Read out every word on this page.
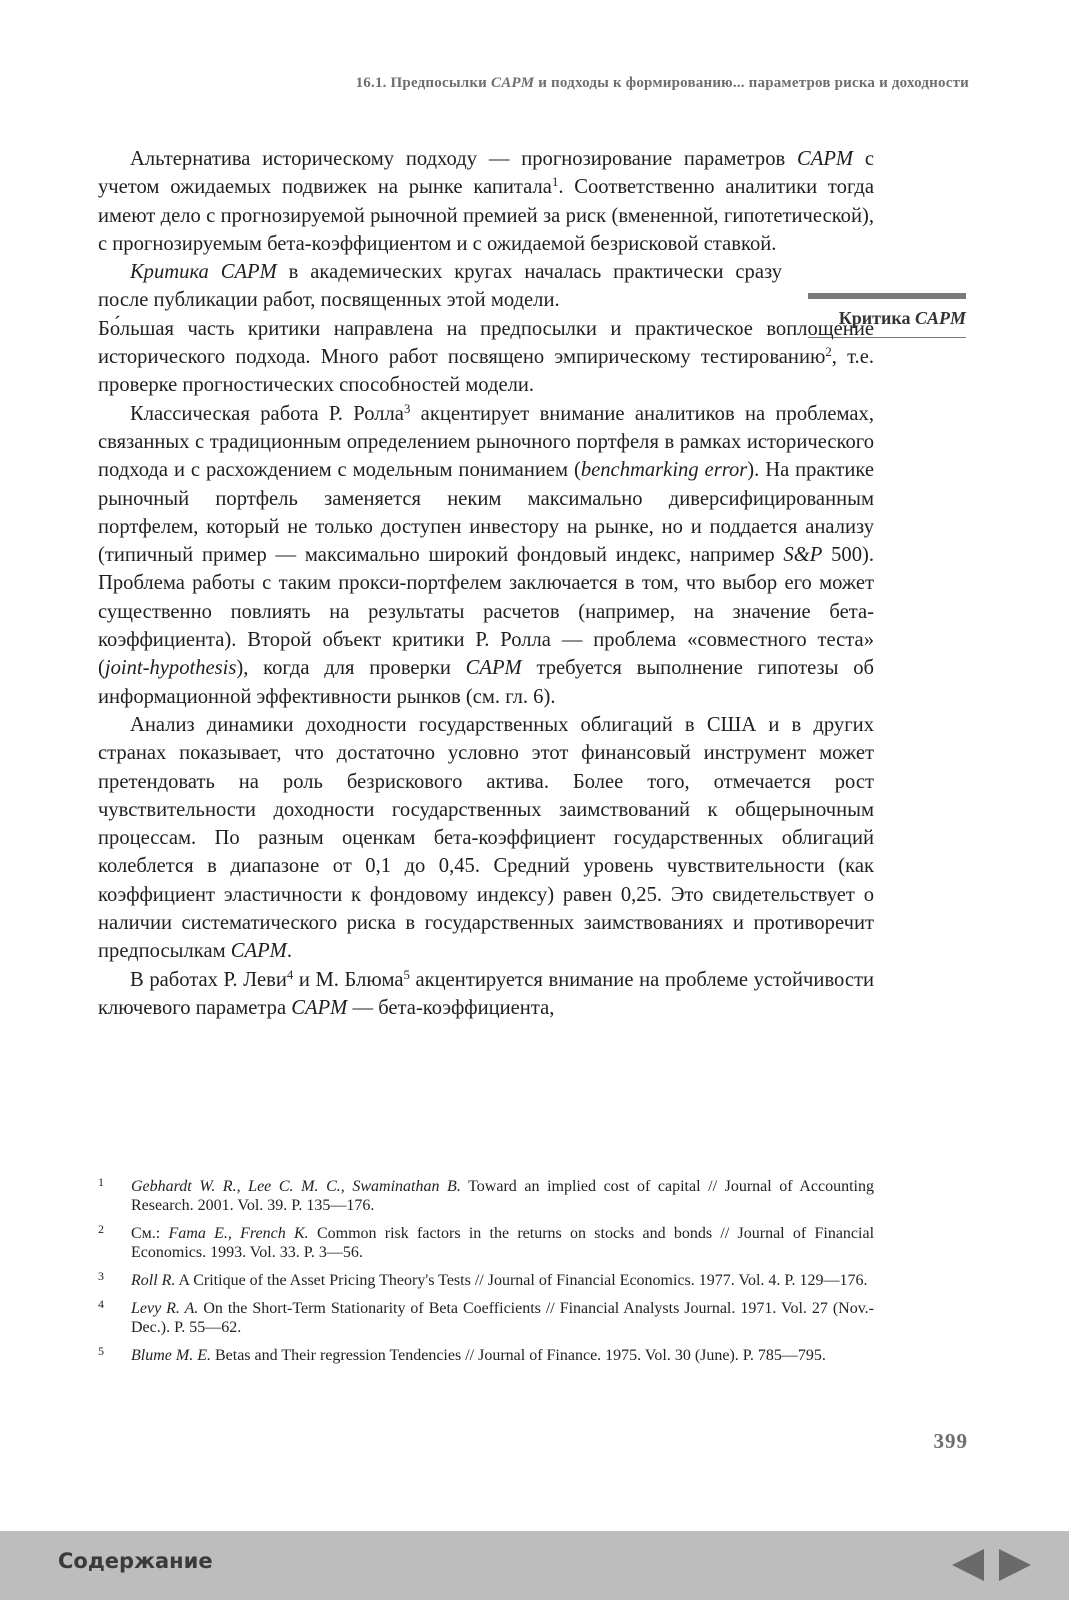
16.1. Предпосылки CAPM и подходы к формированию... параметров риска и доходности
Критика CAPM

Альтернатива историческому подходу — прогнозирование параметров CAPM с учетом ожидаемых подвижек на рынке капитала$^1$. Соответственно аналитики тогда имеют дело с прогнозируемой рыночной премией за риск (вмененной, гипотетической), с прогнозируемым бета-коэффициентом и с ожидаемой безрисковой ставкой.

Критика CAPM в академических кругах началась практически сразу после публикации работ, посвященных этой модели.

Бо́льшая часть критики направлена на предпосылки и практическое воплощение исторического подхода. Много работ посвящено эмпирическому тестированию$^2$, т.е. проверке прогностических способностей модели.

Классическая работа Р. Ролла$^3$ акцентирует внимание аналитиков на проблемах, связанных с традиционным определением рыночного портфеля в рамках исторического подхода и с расхождением с модельным пониманием (benchmarking error). На практике рыночный портфель заменяется неким максимально диверсифицированным портфелем, который не только доступен инвестору на рынке, но и поддается анализу (типичный пример — максимально широкий фондовый индекс, например S&P 500). Проблема работы с таким прокси-портфелем заключается в том, что выбор его может существенно повлиять на результаты расчетов (например, на значение бета-коэффициента). Второй объект критики Р. Ролла — проблема «совместного теста» (joint-hypothesis), когда для проверки CAPM требуется выполнение гипотезы об информационной эффективности рынков (см. гл. 6).

Анализ динамики доходности государственных облигаций в США и в других странах показывает, что достаточно условно этот финансовый инструмент может претендовать на роль безрискового актива. Более того, отмечается рост чувствительности доходности государственных заимствований к общерыночным процессам. По разным оценкам бета-коэффициент государственных облигаций колеблется в диапазоне от 0,1 до 0,45. Средний уровень чувствительности (как коэффициент эластичности к фондовому индексу) равен 0,25. Это свидетельствует о наличии систематического риска в государственных заимствованиях и противоречит предпосылкам CAPM.

В работах Р. Леви$^4$ и М. Блюма$^5$ акцентируется внимание на проблеме устойчивости ключевого параметра CAPM — бета-коэффициента,

1 Gebhardt W. R., Lee C. M. C., Swaminathan B. Toward an implied cost of capital // Journal of Accounting Research. 2001. Vol. 39. P. 135—176.
2 См.: Fama E., French K. Common risk factors in the returns on stocks and bonds // Journal of Financial Economics. 1993. Vol. 33. P. 3—56.
3 Roll R. A Critique of the Asset Pricing Theory's Tests // Journal of Financial Economics. 1977. Vol. 4. P. 129—176.
4 Levy R. A. On the Short-Term Stationarity of Beta Coefficients // Financial Analysts Journal. 1971. Vol. 27 (Nov.-Dec.). P. 55—62.
5 Blume M. E. Betas and Their regression Tendencies // Journal of Finance. 1975. Vol. 30 (June). P. 785—795.
399
Содержание
